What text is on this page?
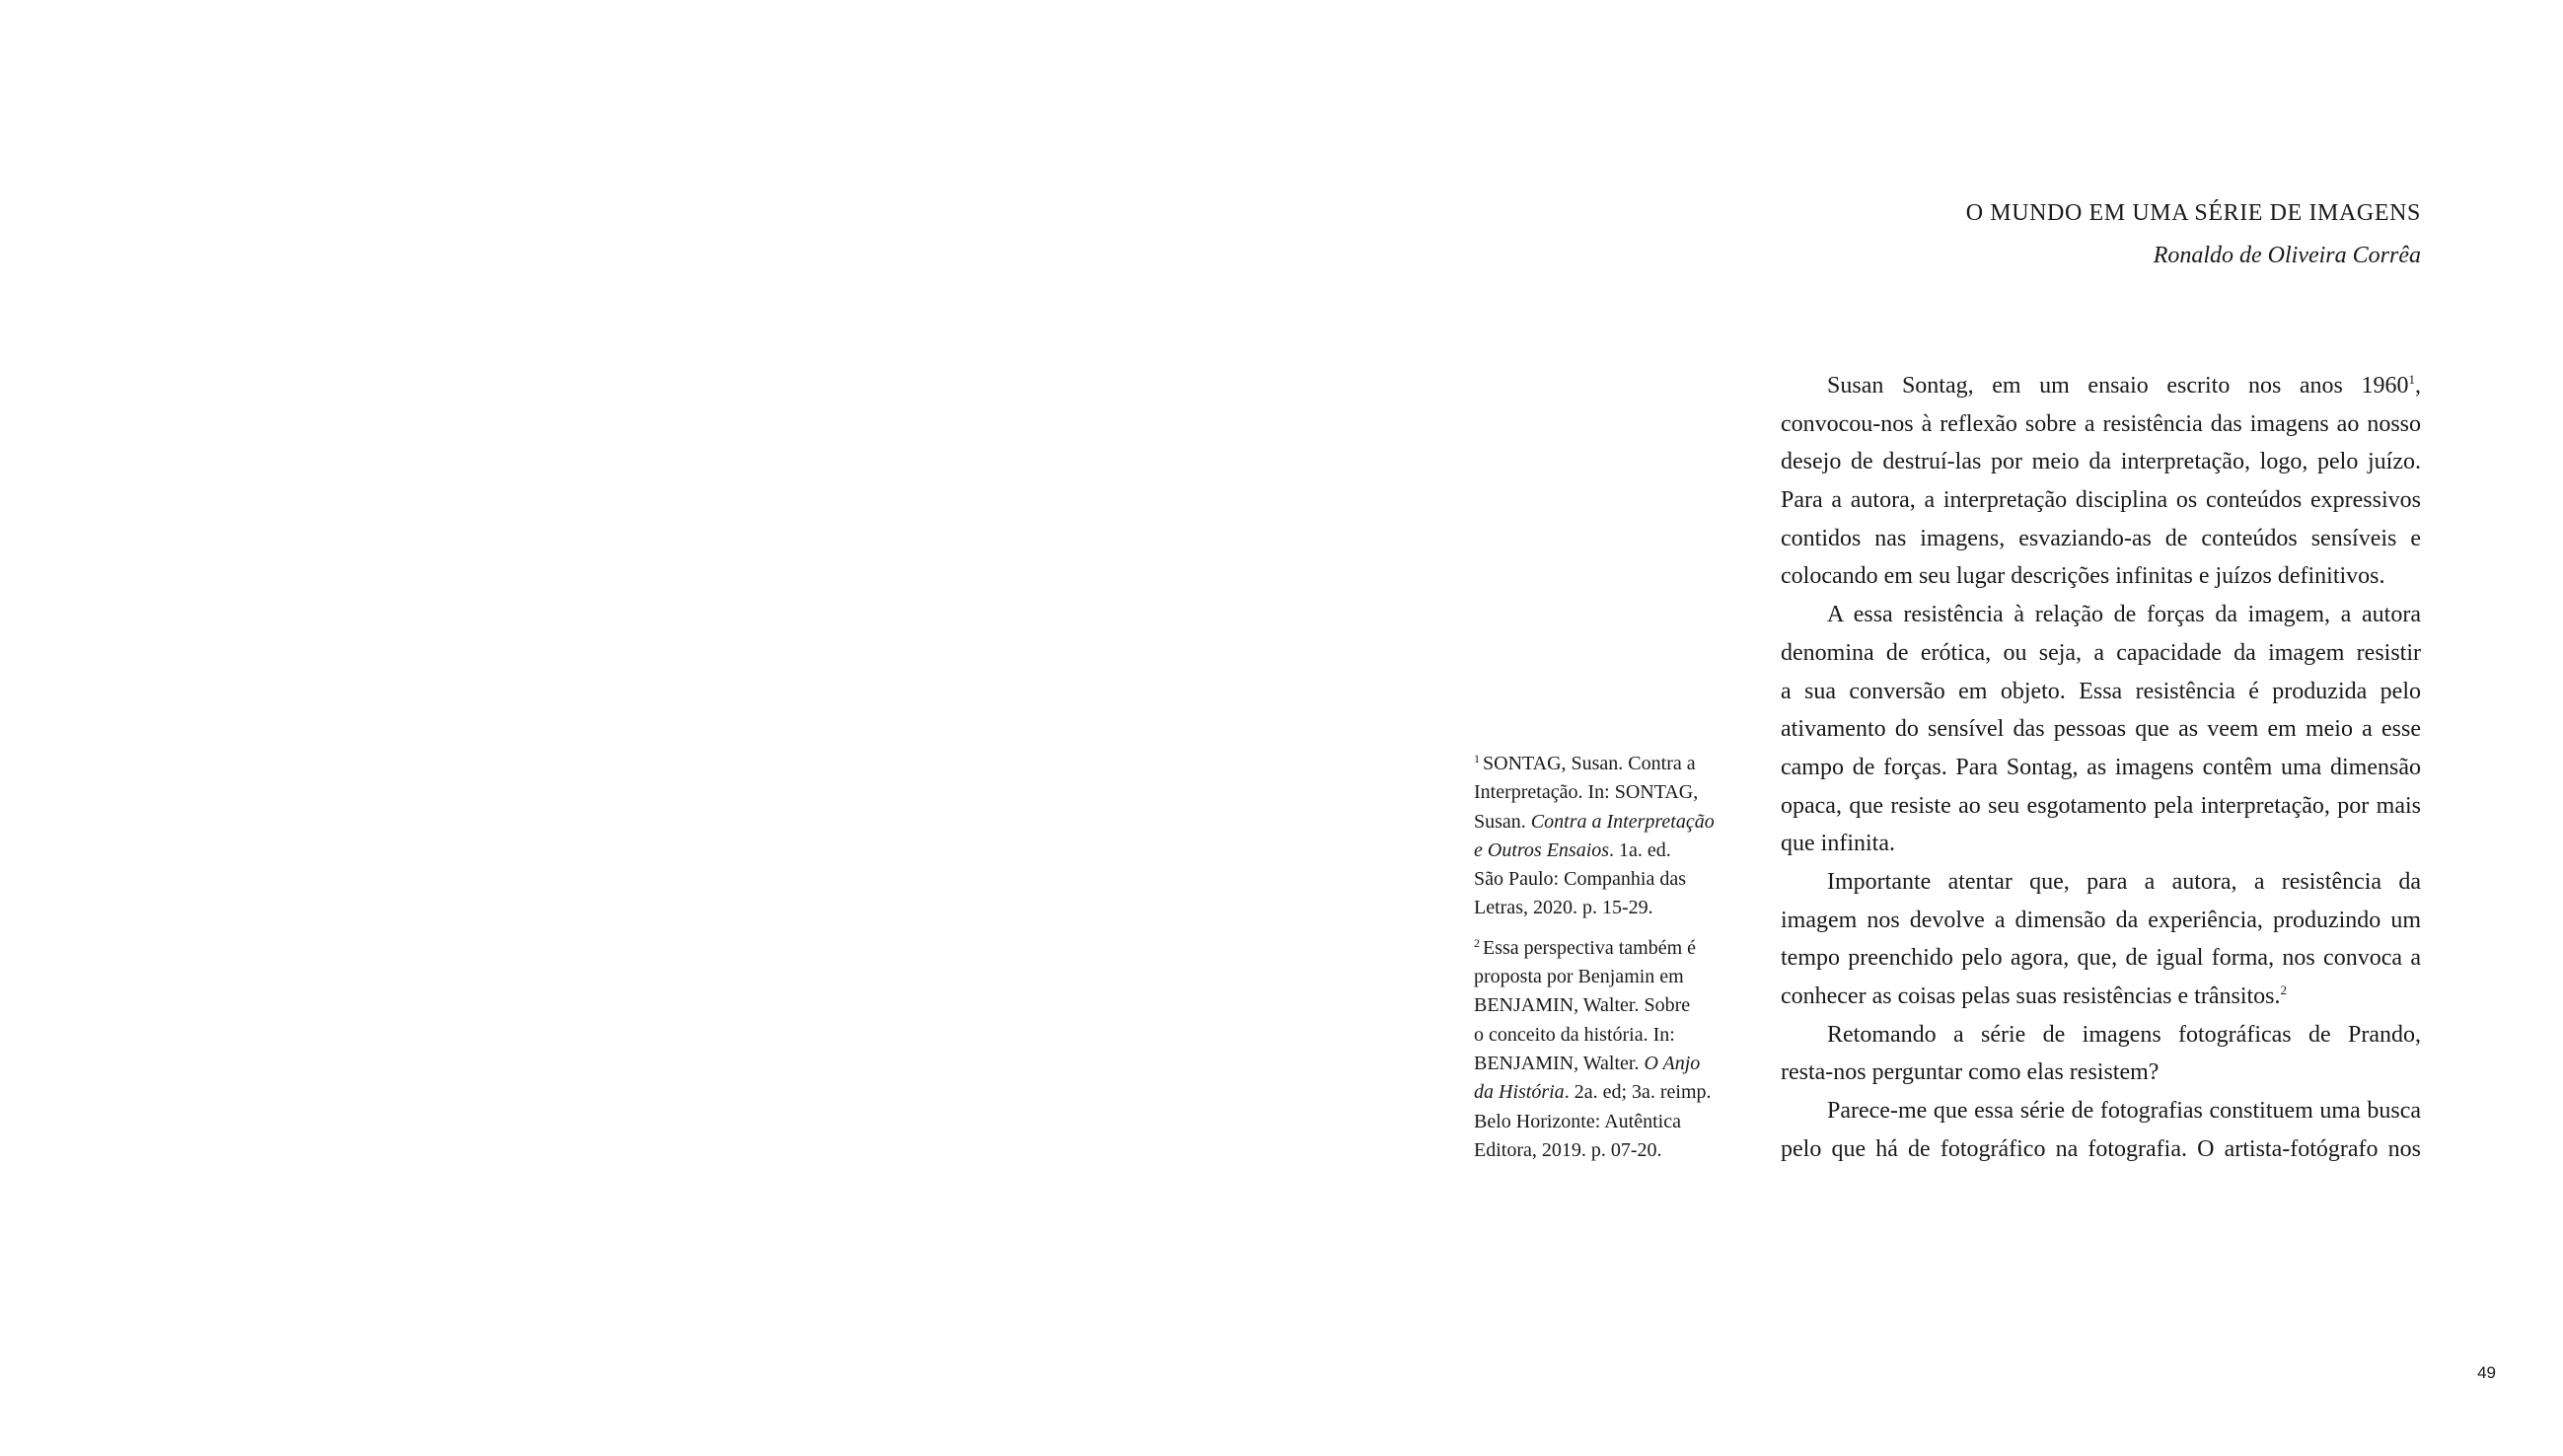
O MUNDO EM UMA SÉRIE DE IMAGENS
Ronaldo de Oliveira Corrêa
$^1$ SONTAG, Susan. Contra a
Interpretação. In: SONTAG,
Susan. Contra a Interpretação
e Outros Ensaios. 1a. ed.
São Paulo: Companhia das
Letras, 2020. p. 15-29.
$^2$ Essa perspectiva também é
proposta por Benjamin em
BENJAMIN, Walter. Sobre
o conceito da história. In:
BENJAMIN, Walter. O Anjo
da História. 2a. ed; 3a. reimp.
Belo Horizonte: Autêntica
Editora, 2019. p. 07-20.
Susan Sontag, em um ensaio escrito nos anos 1960$^1$,
convocou-nos à reflexão sobre a resistência das imagens ao nosso
desejo de destruí-las por meio da interpretação, logo, pelo juízo.
Para a autora, a interpretação disciplina os conteúdos expressivos
contidos nas imagens, esvaziando-as de conteúdos sensíveis e
colocando em seu lugar descrições infinitas e juízos definitivos.
A essa resistência à relação de forças da imagem, a autora
denomina de erótica, ou seja, a capacidade da imagem resistir
a sua conversão em objeto. Essa resistência é produzida pelo
ativamento do sensível das pessoas que as veem em meio a esse
campo de forças. Para Sontag, as imagens contêm uma dimensão
opaca, que resiste ao seu esgotamento pela interpretação, por mais
que infinita.
Importante atentar que, para a autora, a resistência da
imagem nos devolve a dimensão da experiência, produzindo um
tempo preenchido pelo agora, que, de igual forma, nos convoca a
conhecer as coisas pelas suas resistências e trânsitos.$^2$
Retomando a série de imagens fotográficas de Prando,
resta-nos perguntar como elas resistem?
Parece-me que essa série de fotografias constituem uma busca
pelo que há de fotográfico na fotografia. O artista-fotógrafo nos
49
